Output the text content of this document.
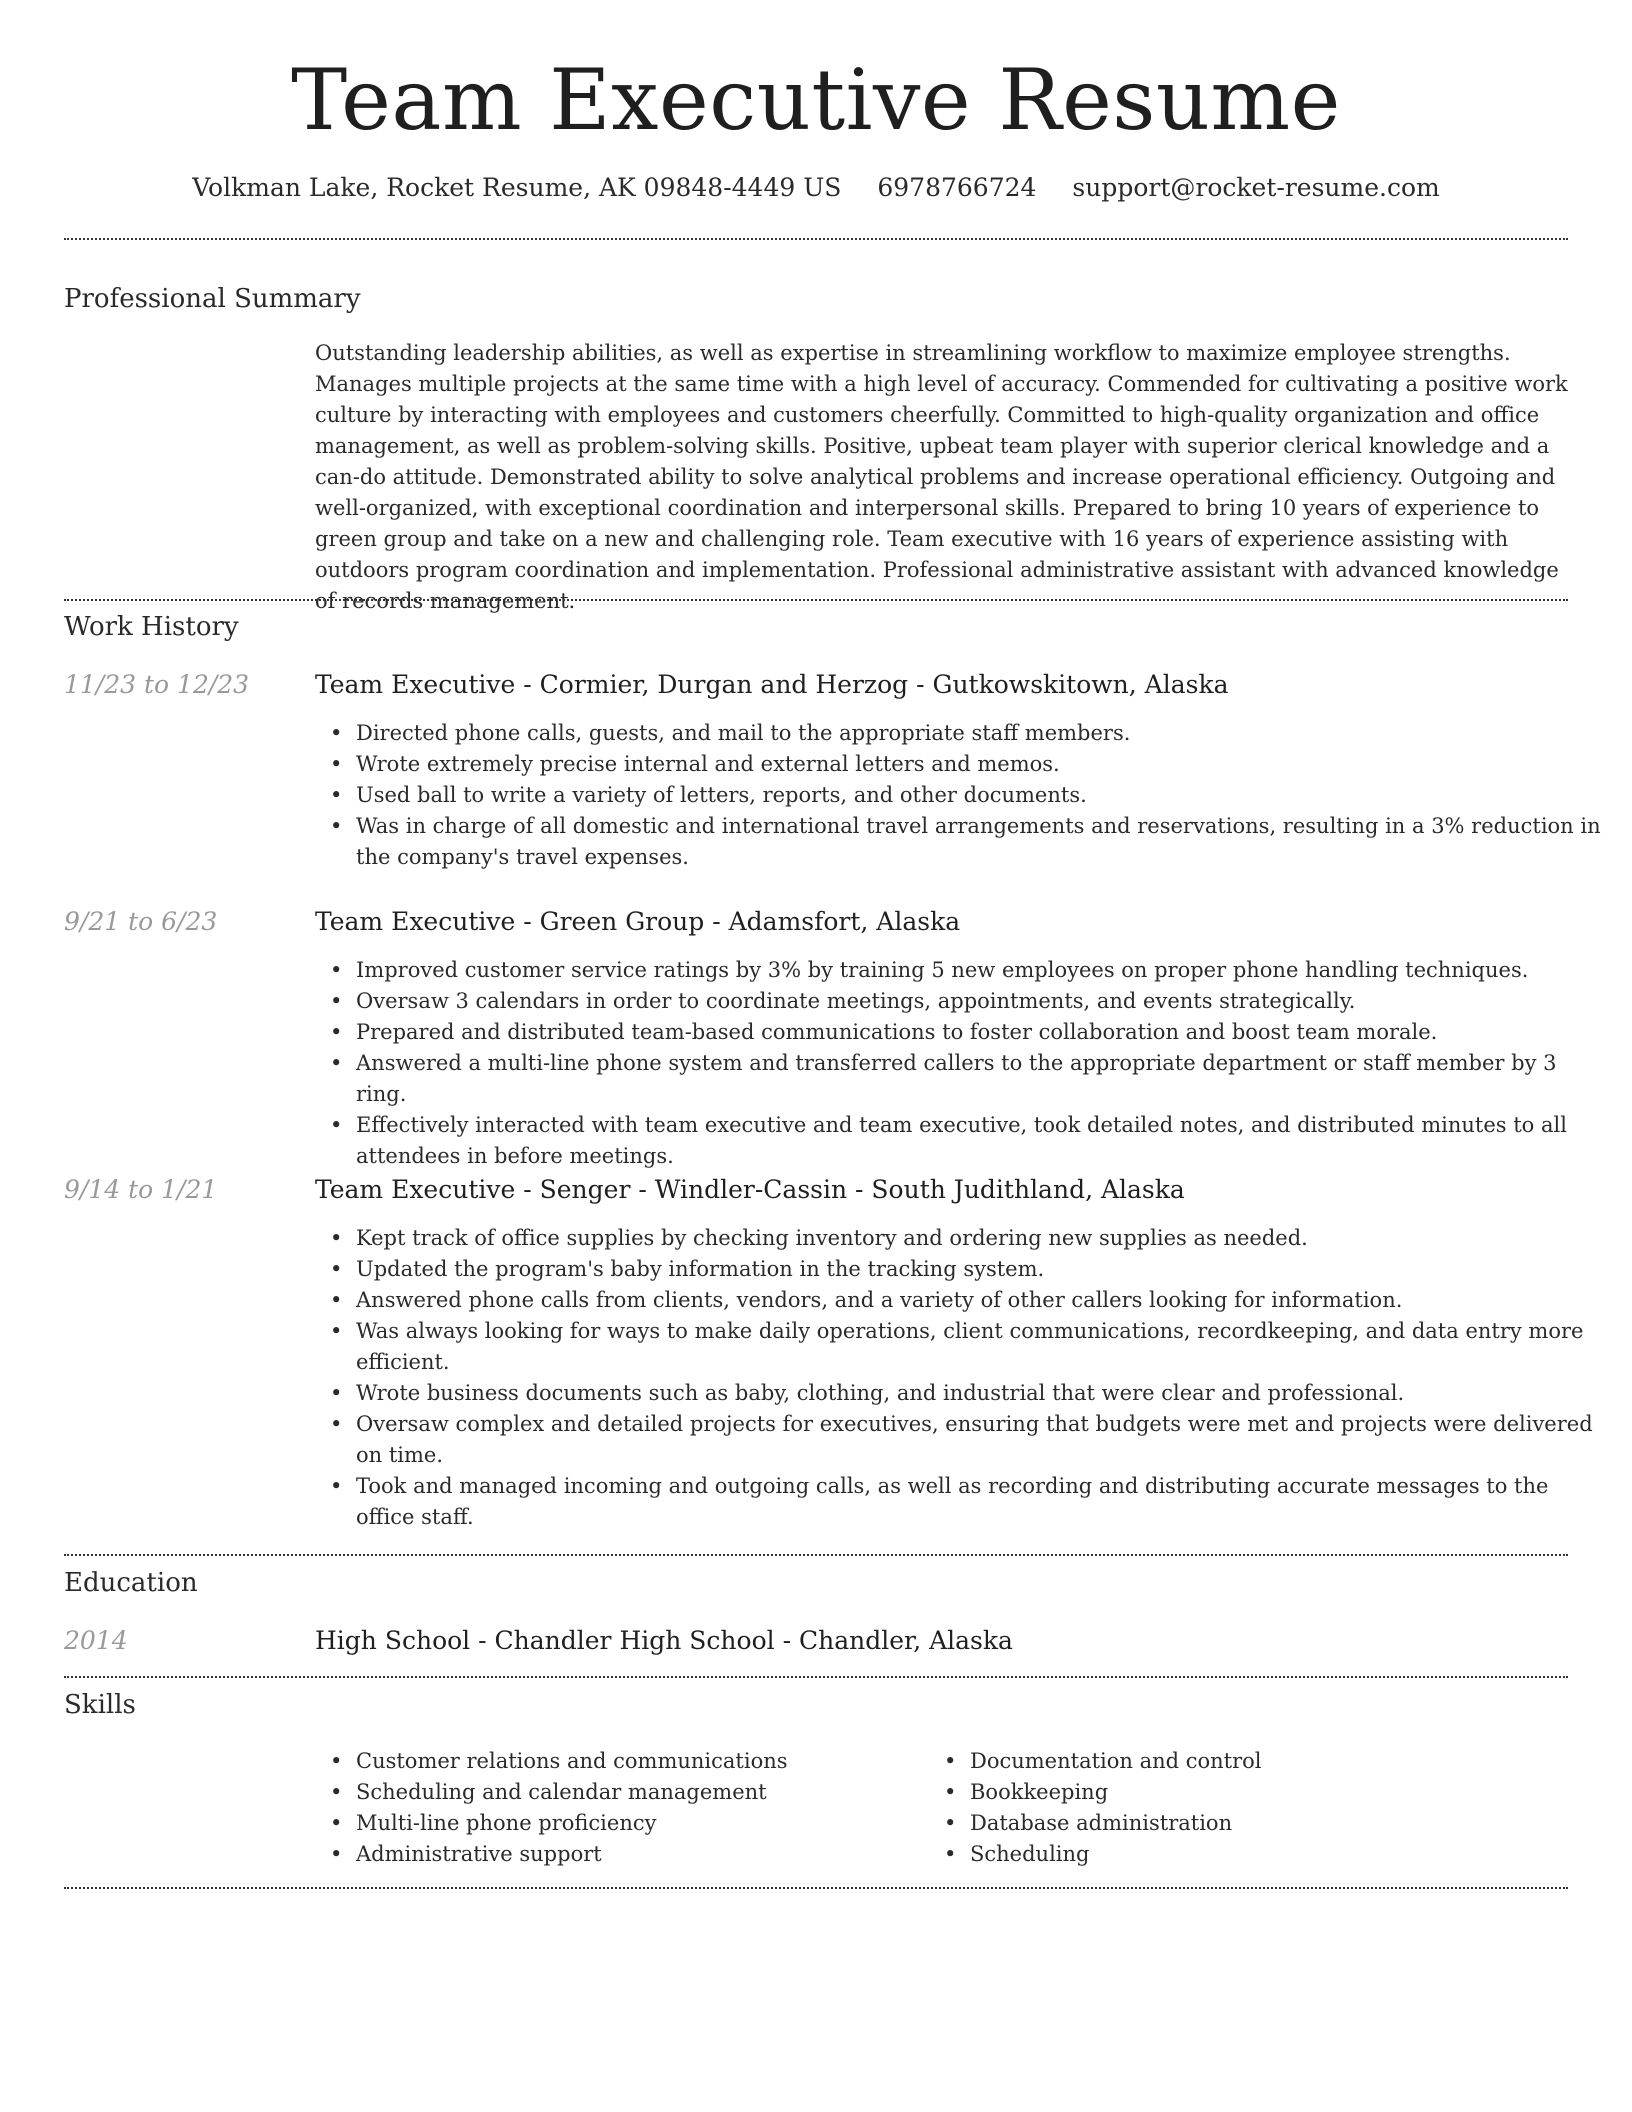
Team Executive Resume
Volkman Lake, Rocket Resume, AK 09848-4449 US 6978766724 support@rocket-resume.com
Professional Summary
Outstanding leadership abilities, as well as expertise in streamlining workflow to maximize employee strengths. Manages multiple projects at the same time with a high level of accuracy. Commended for cultivating a positive work culture by interacting with employees and customers cheerfully. Committed to high-quality organization and office management, as well as problem-solving skills. Positive, upbeat team player with superior clerical knowledge and a can-do attitude. Demonstrated ability to solve analytical problems and increase operational efficiency. Outgoing and well-organized, with exceptional coordination and interpersonal skills. Prepared to bring 10 years of experience to green group and take on a new and challenging role. Team executive with 16 years of experience assisting with outdoors program coordination and implementation. Professional administrative assistant with advanced knowledge of records management.
Work History
11/23 to 12/23	Team Executive - Cormier, Durgan and Herzog - Gutkowskitown, Alaska
• Directed phone calls, guests, and mail to the appropriate staff members.
• Wrote extremely precise internal and external letters and memos.
• Used ball to write a variety of letters, reports, and other documents.
• Was in charge of all domestic and international travel arrangements and reservations, resulting in a 3% reduction in the company's travel expenses.
9/21 to 6/23	Team Executive - Green Group - Adamsfort, Alaska
• Improved customer service ratings by 3% by training 5 new employees on proper phone handling techniques.
• Oversaw 3 calendars in order to coordinate meetings, appointments, and events strategically.
• Prepared and distributed team-based communications to foster collaboration and boost team morale.
• Answered a multi-line phone system and transferred callers to the appropriate department or staff member by 3 ring.
• Effectively interacted with team executive and team executive, took detailed notes, and distributed minutes to all attendees in before meetings.
9/14 to 1/21	Team Executive - Senger - Windler-Cassin - South Judithland, Alaska
• Kept track of office supplies by checking inventory and ordering new supplies as needed.
• Updated the program's baby information in the tracking system.
• Answered phone calls from clients, vendors, and a variety of other callers looking for information.
• Was always looking for ways to make daily operations, client communications, recordkeeping, and data entry more efficient.
• Wrote business documents such as baby, clothing, and industrial that were clear and professional.
• Oversaw complex and detailed projects for executives, ensuring that budgets were met and projects were delivered on time.
• Took and managed incoming and outgoing calls, as well as recording and distributing accurate messages to the office staff.
Education
2014	High School - Chandler High School - Chandler, Alaska
Skills
• Customer relations and communications
• Scheduling and calendar management
• Multi-line phone proficiency
• Administrative support
• Documentation and control
• Bookkeeping
• Database administration
• Scheduling
